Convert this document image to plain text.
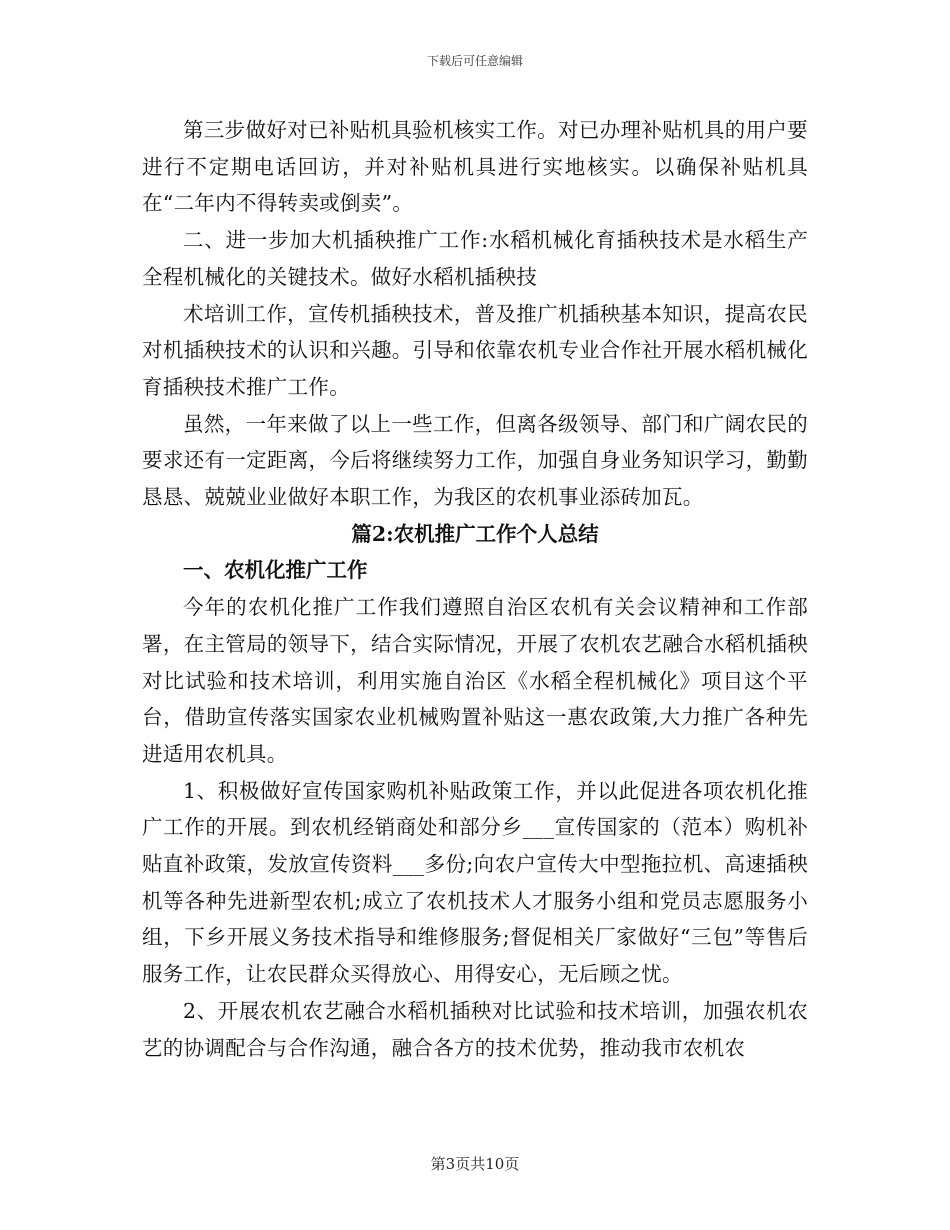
下载后可任意编辑

第三步做好对已补贴机具验机核实工作。对已办理补贴机具的用户要进行不定期电话回访，并对补贴机具进行实地核实。以确保补贴机具在“二年内不得转卖或倒卖”。

二、进一步加大机插秧推广工作:水稻机械化育插秧技术是水稻生产全程机械化的关键技术。做好水稻机插秧技

术培训工作，宣传机插秧技术，普及推广机插秧基本知识，提高农民对机插秧技术的认识和兴趣。引导和依靠农机专业合作社开展水稻机械化育插秧技术推广工作。

虽然，一年来做了以上一些工作，但离各级领导、部门和广阔农民的要求还有一定距离，今后将继续努力工作，加强自身业务知识学习，勤勤恳恳、兢兢业业做好本职工作，为我区的农机事业添砖加瓦。

篇2:农机推广工作个人总结

一、农机化推广工作

今年的农机化推广工作我们遵照自治区农机有关会议精神和工作部署，在主管局的领导下，结合实际情况，开展了农机农艺融合水稻机插秧对比试验和技术培训，利用实施自治区《水稻全程机械化》项目这个平台，借助宣传落实国家农业机械购置补贴这一惠农政策,大力推广各种先进适用农机具。

1、积极做好宣传国家购机补贴政策工作，并以此促进各项农机化推广工作的开展。到农机经销商处和部分乡___宣传国家的（范本）购机补贴直补政策，发放宣传资料___多份;向农户宣传大中型拖拉机、高速插秧机等各种先进新型农机;成立了农机技术人才服务小组和党员志愿服务小组，下乡开展义务技术指导和维修服务;督促相关厂家做好“三包”等售后服务工作，让农民群众买得放心、用得安心，无后顾之忧。

2、开展农机农艺融合水稻机插秧对比试验和技术培训，加强农机农艺的协调配合与合作沟通，融合各方的技术优势，推动我市农机农

第3页共10页
